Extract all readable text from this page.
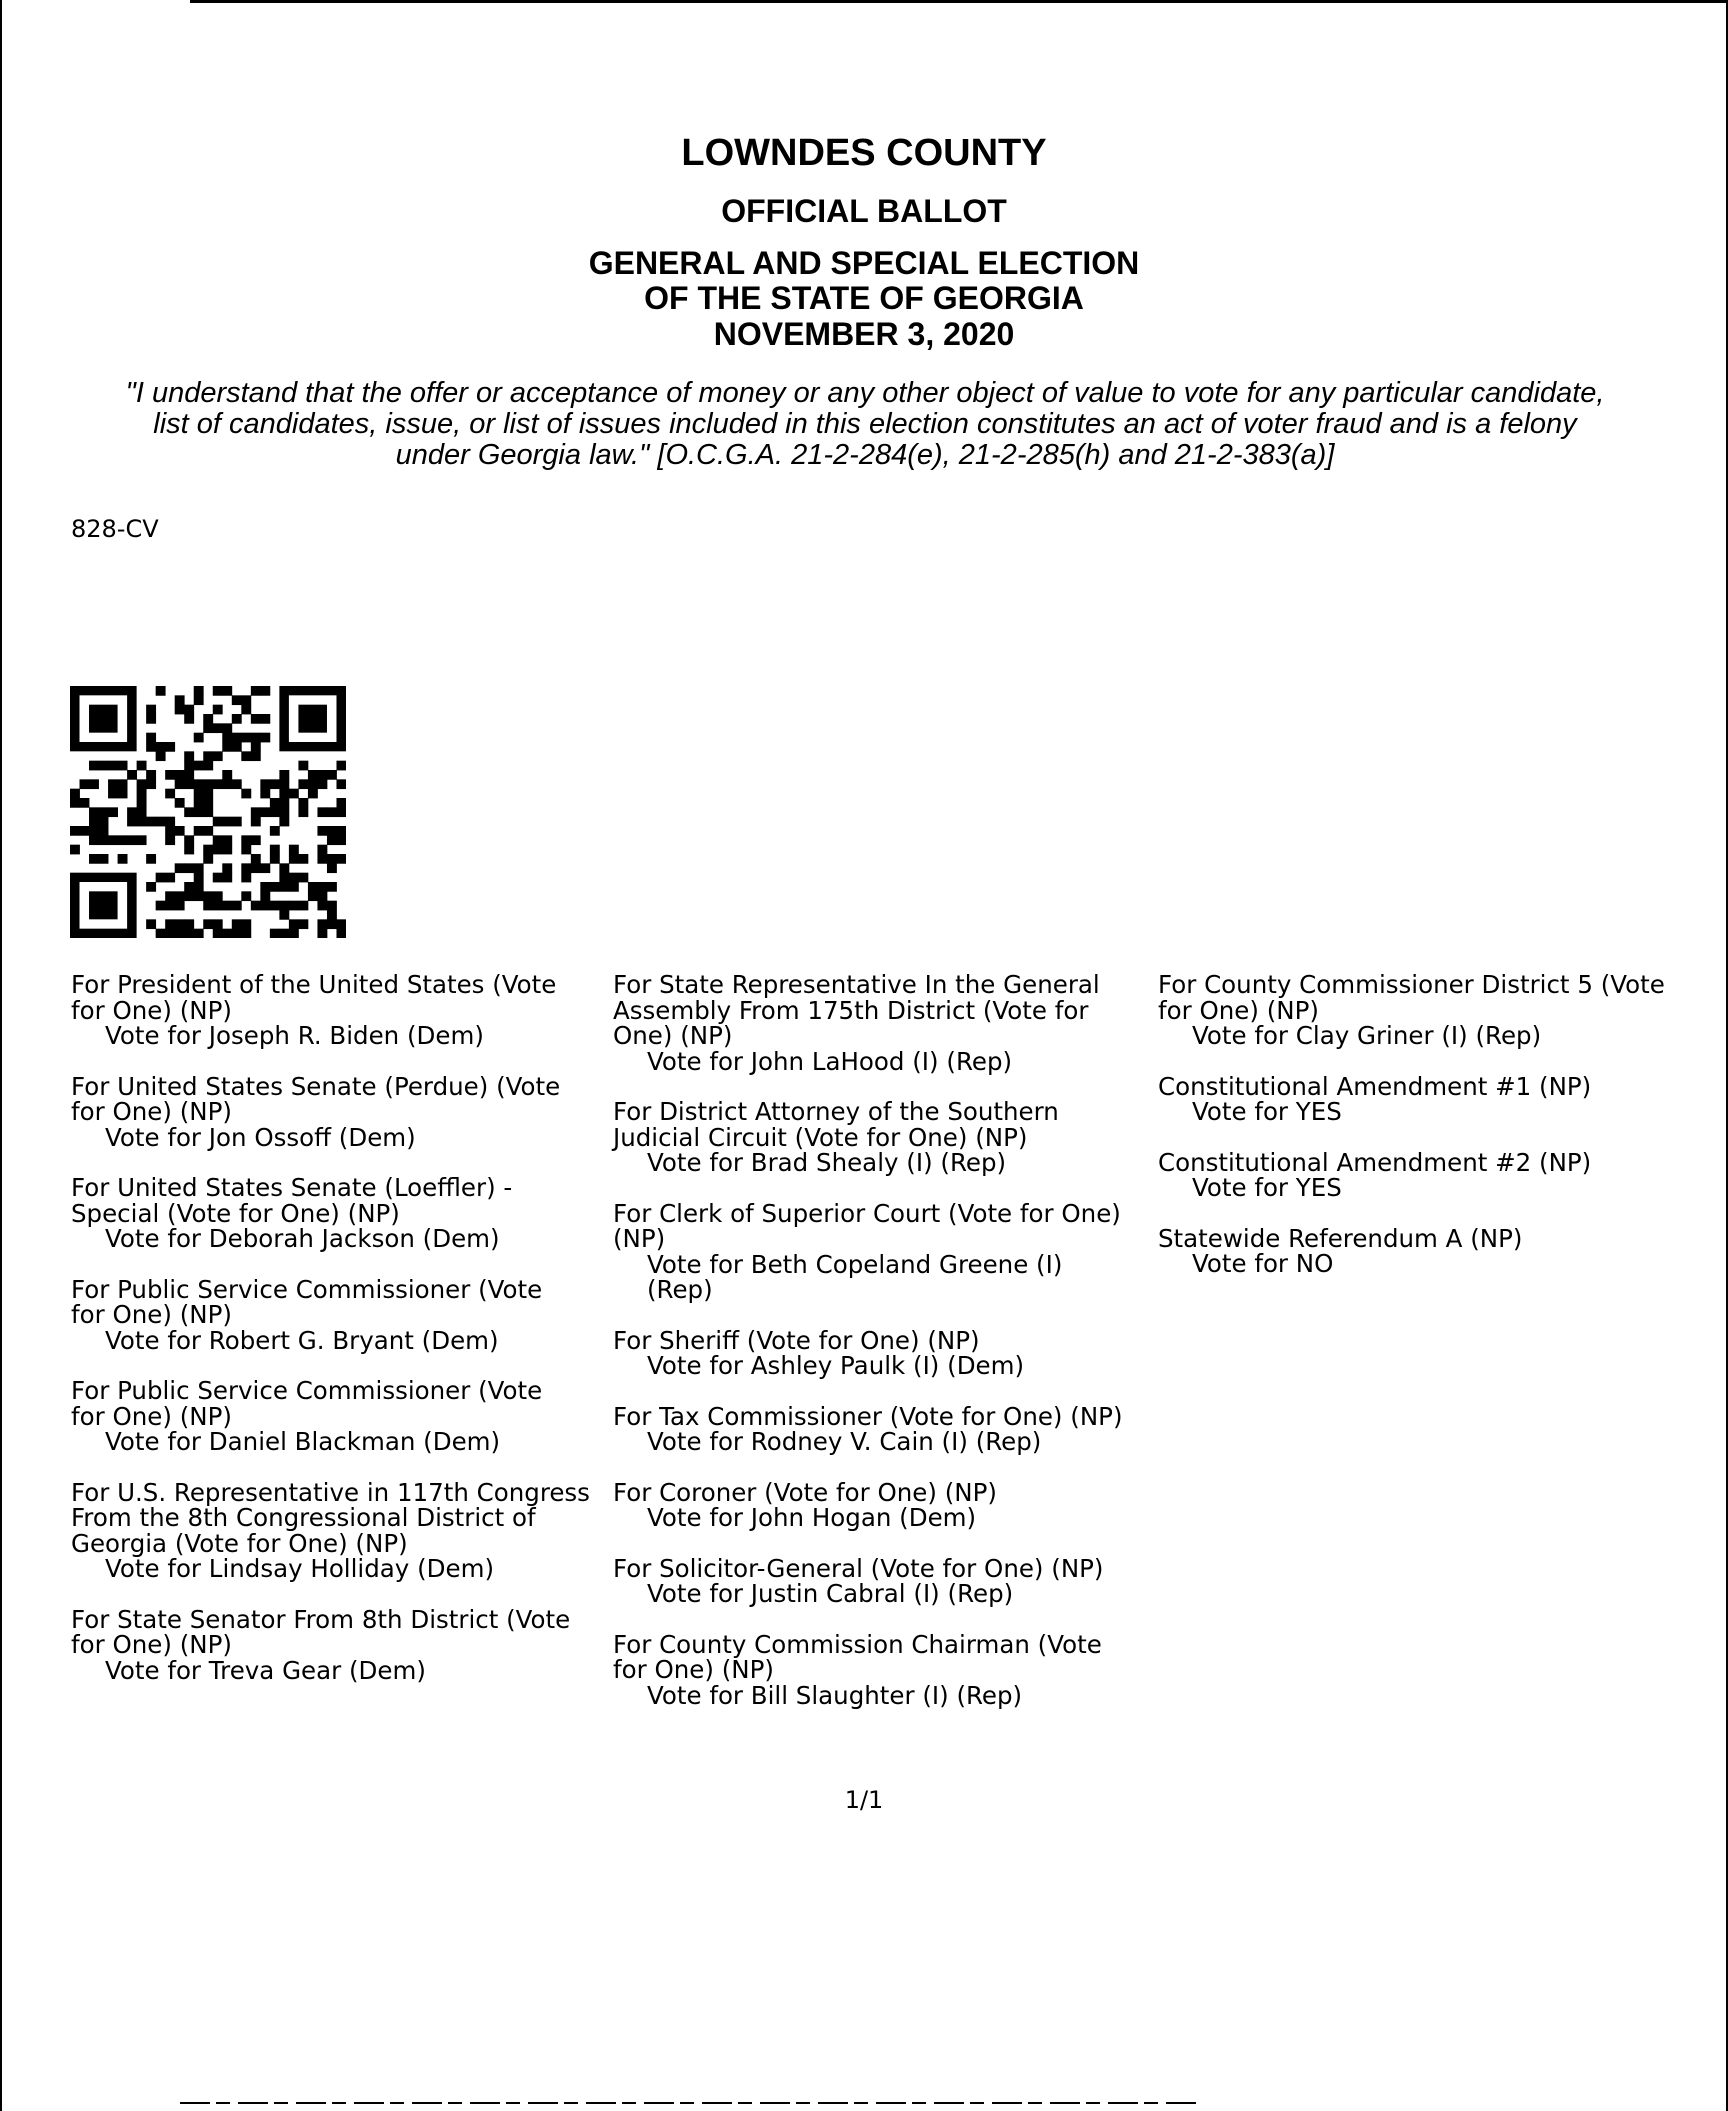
LOWNDES COUNTY
OFFICIAL BALLOT
GENERAL AND SPECIAL ELECTION
OF THE STATE OF GEORGIA
NOVEMBER 3, 2020
"I understand that the offer or acceptance of money or any other object of value to vote for any particular candidate,
list of candidates, issue, or list of issues included in this election constitutes an act of voter fraud and is a felony
under Georgia law." [O.C.G.A. 21-2-284(e), 21-2-285(h) and 21-2-383(a)]
828-CV
For President of the United States (Vote
for One) (NP)
Vote for Joseph R. Biden (Dem)
For United States Senate (Perdue) (Vote
for One) (NP)
Vote for Jon Ossoff (Dem)
For United States Senate (Loeffler) -
Special (Vote for One) (NP)
Vote for Deborah Jackson (Dem)
For Public Service Commissioner (Vote
for One) (NP)
Vote for Robert G. Bryant (Dem)
For Public Service Commissioner (Vote
for One) (NP)
Vote for Daniel Blackman (Dem)
For U.S. Representative in 117th Congress
From the 8th Congressional District of
Georgia (Vote for One) (NP)
Vote for Lindsay Holliday (Dem)
For State Senator From 8th District (Vote
for One) (NP)
Vote for Treva Gear (Dem)
For State Representative In the General
Assembly From 175th District (Vote for
One) (NP)
Vote for John LaHood (I) (Rep)
For District Attorney of the Southern
Judicial Circuit (Vote for One) (NP)
Vote for Brad Shealy (I) (Rep)
For Clerk of Superior Court (Vote for One)
(NP)
Vote for Beth Copeland Greene (I)
(Rep)
For Sheriff (Vote for One) (NP)
Vote for Ashley Paulk (I) (Dem)
For Tax Commissioner (Vote for One) (NP)
Vote for Rodney V. Cain (I) (Rep)
For Coroner (Vote for One) (NP)
Vote for John Hogan (Dem)
For Solicitor-General (Vote for One) (NP)
Vote for Justin Cabral (I) (Rep)
For County Commission Chairman (Vote
for One) (NP)
Vote for Bill Slaughter (I) (Rep)
For County Commissioner District 5 (Vote
for One) (NP)
Vote for Clay Griner (I) (Rep)
Constitutional Amendment #1 (NP)
Vote for YES
Constitutional Amendment #2 (NP)
Vote for YES
Statewide Referendum A (NP)
Vote for NO
1/1
